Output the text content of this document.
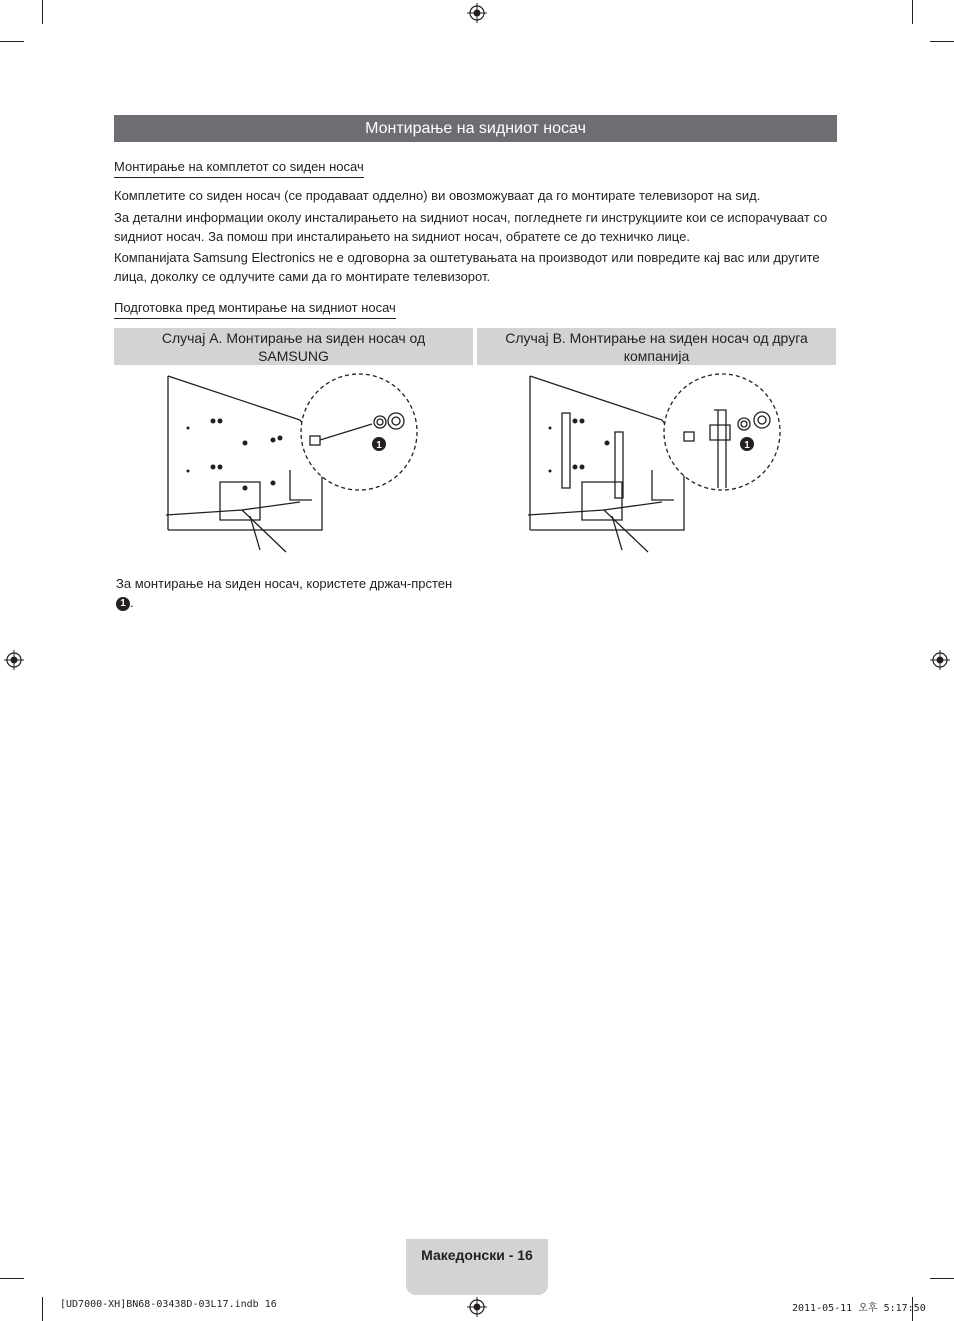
Монтирање на ѕидниот носач
Монтирање на комплетот со ѕиден носач
Комплетите со ѕиден носач (се продаваат одделно) ви овозможуваат да го монтирате телевизорот на ѕид.
За детални информации околу инсталирањето на ѕидниот носач, погледнете ги инструкциите кои се испорачуваат со ѕидниот носач. За помош при инсталирањето на ѕидниот носач, обратете се до техничко лице.
Компанијата Samsung Electronics не е одговорна за оштетувањата на производот или повредите кај вас или другите лица, доколку се одлучите сами да го монтирате телевизорот.
Подготовка пред монтирање на ѕидниот носач
Случај А. Монтирање на ѕиден носач од SAMSUNG
Случај В. Монтирање на ѕиден носач од друга компанија
1	1
За монтирање на ѕиден носач, користете држач-прстен
1 .
Македонски - 16
[UD7000-XH]BN68-03438D-03L17.indb 16	2011-05-11 오후 5:17:50
